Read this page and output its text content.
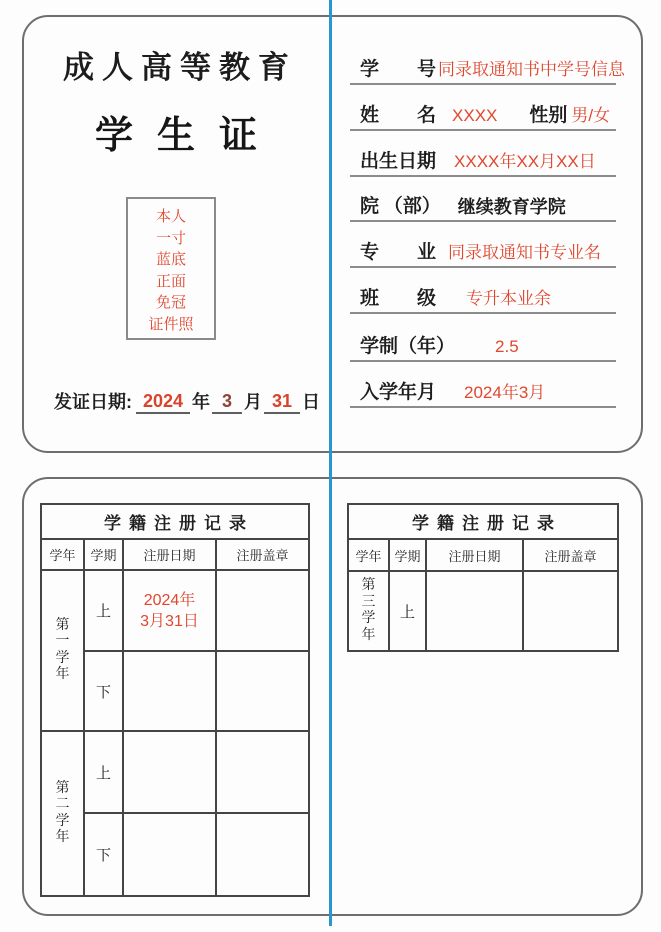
成人高等教育
学生证
本人
一寸
蓝底
正面
免冠
证件照
发证日期: 2024 年 3 月 31 日
学　　号 同录取通知书中学号信息
姓　　名 XXXX 性别 男/女
出生日期 XXXX年XX月XX日
院 （部） 继续教育学院
专　　业 同录取通知书专业名
班　　级 专升本业余
学制（年） 2.5
入学年月 2024年3月
学籍注册记录			
学年	学期	注册日期	注册盖章
第一学年	上	2024年
3月31日	

	下		
第二学年	上		
	下		
学籍注册记录			
学年	学期	注册日期	注册盖章
第三学年	上		
